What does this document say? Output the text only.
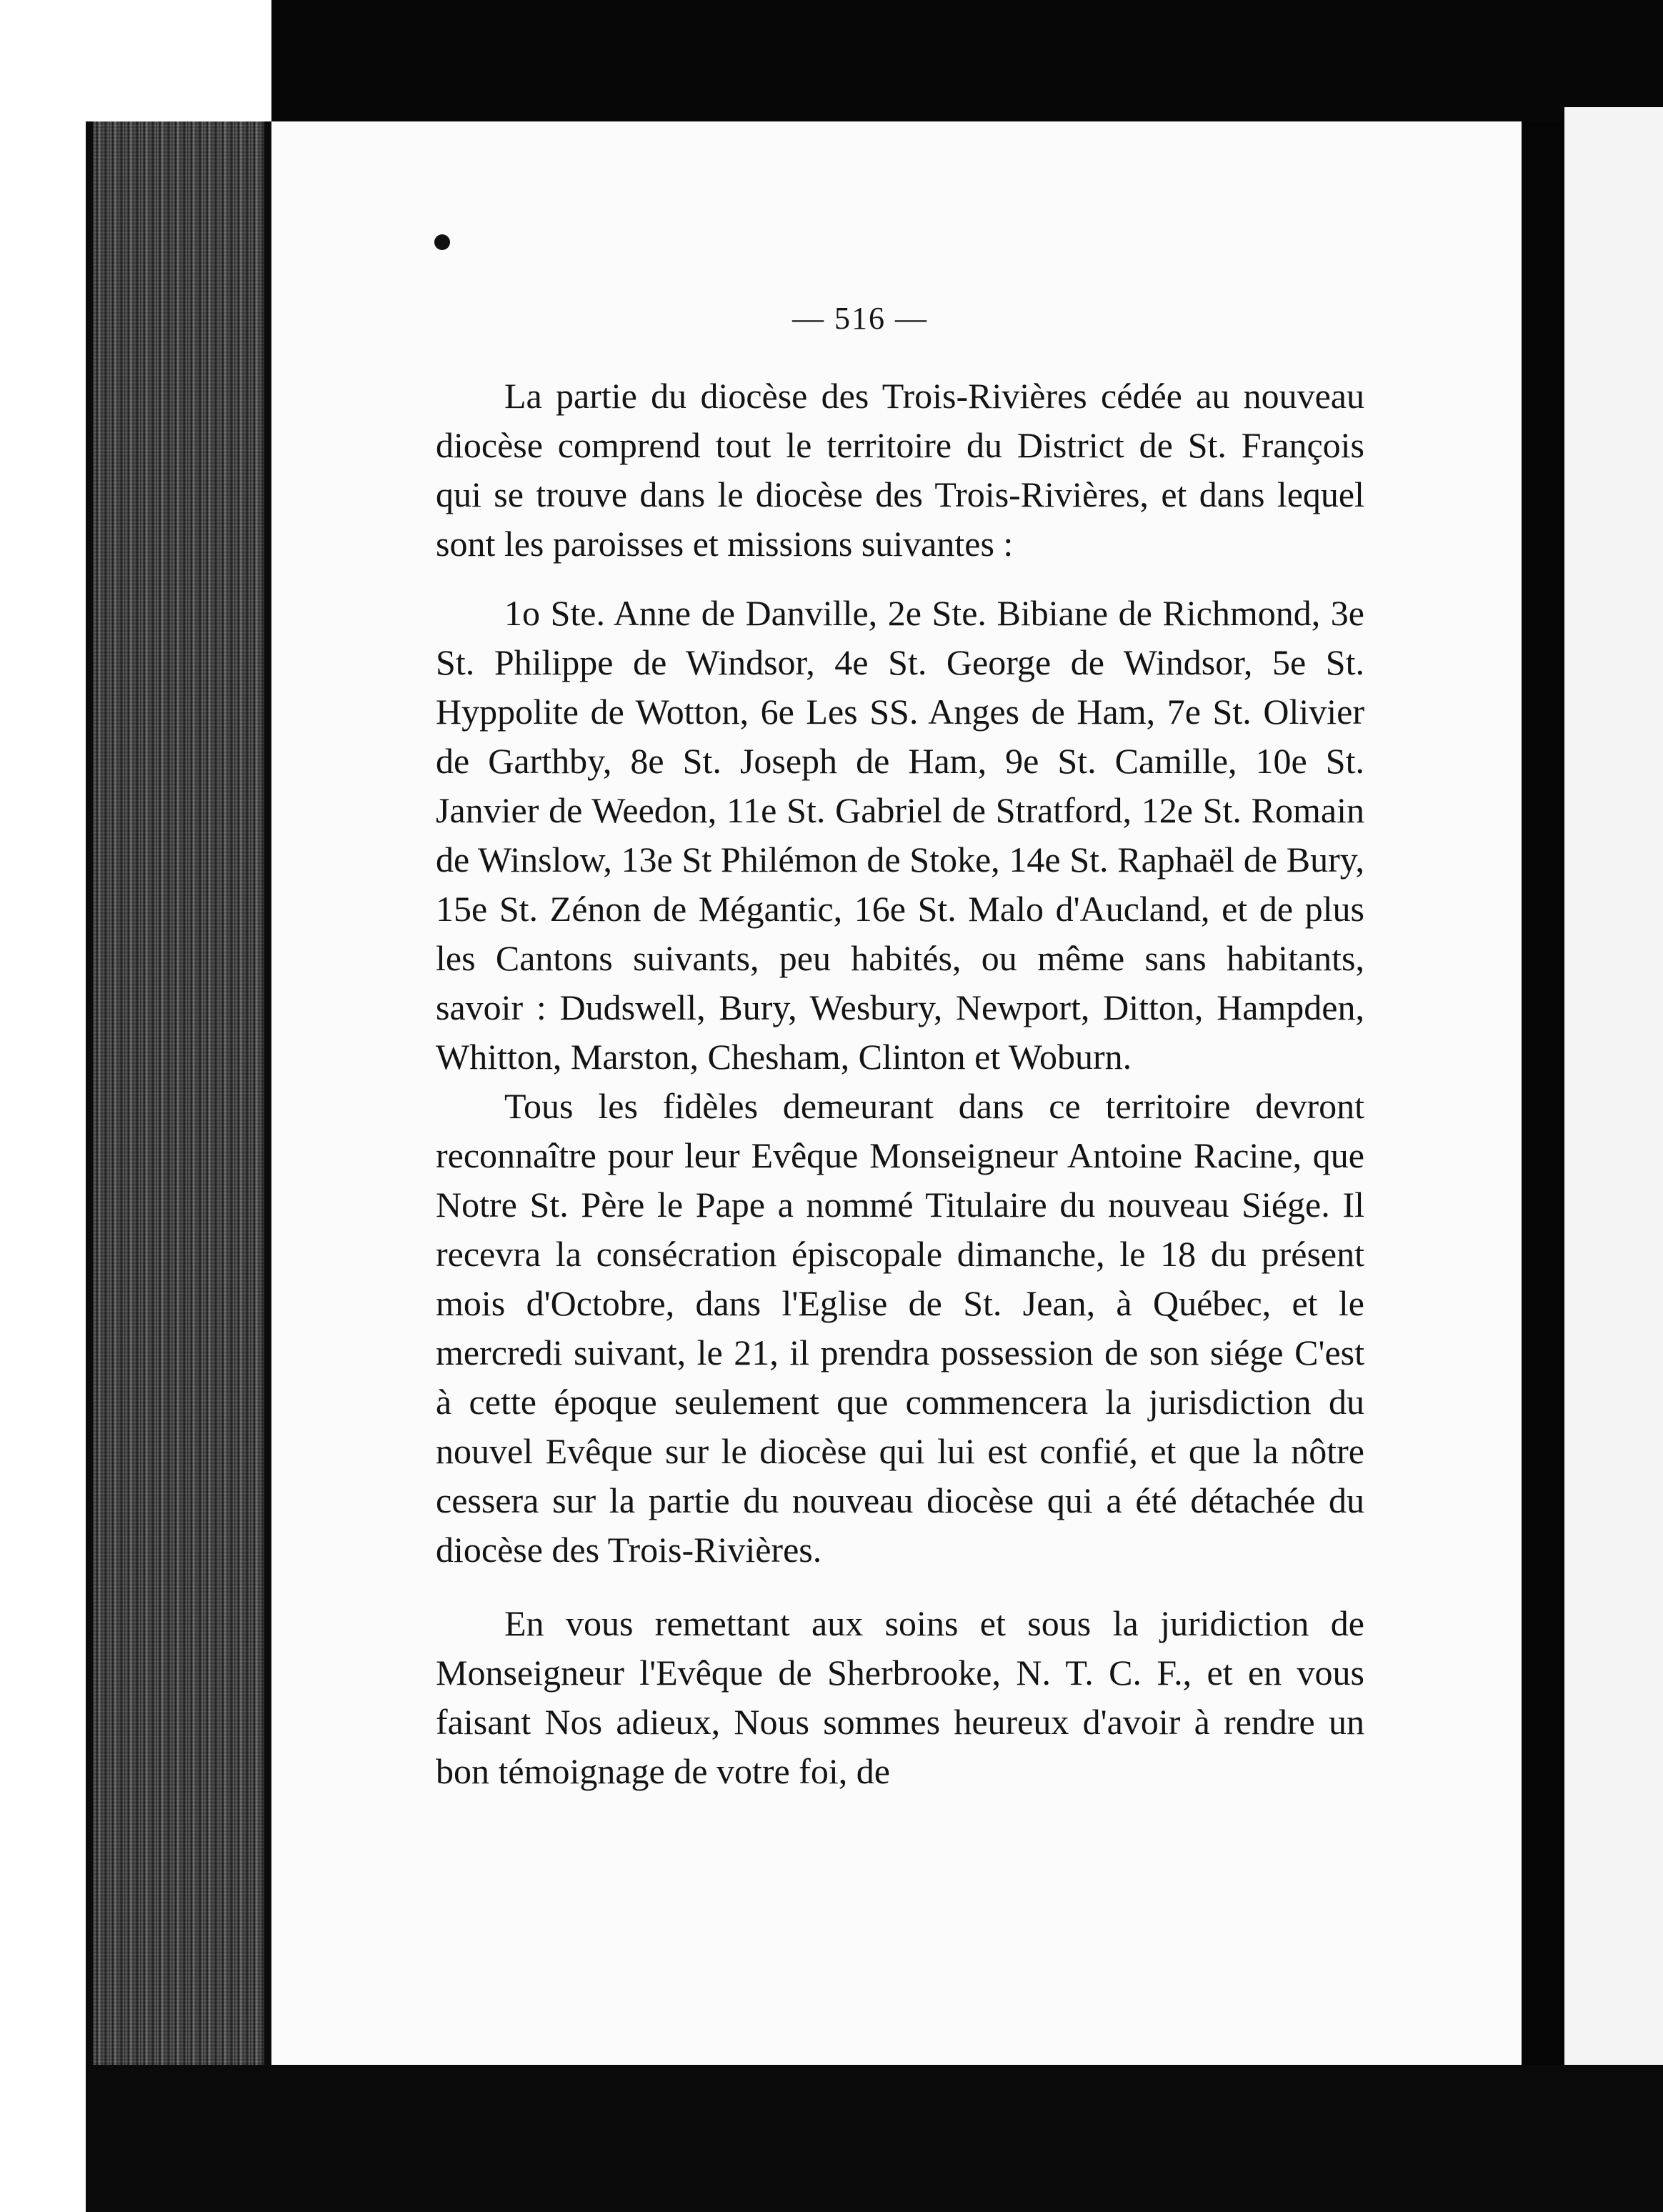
— 516 —

La partie du diocèse des Trois-Rivières cédée au nouveau diocèse comprend tout le territoire du District de St. François qui se trouve dans le diocèse des Trois-Rivières, et dans lequel sont les paroisses et missions suivantes :

1o Ste. Anne de Danville, 2e Ste. Bibiane de Richmond, 3e St. Philippe de Windsor, 4e St. George de Windsor, 5e St. Hyppolite de Wotton, 6e Les SS. Anges de Ham, 7e St. Olivier de Garthby, 8e St. Joseph de Ham, 9e St. Camille, 10e St. Janvier de Weedon, 11e St. Gabriel de Stratford, 12e St. Romain de Winslow, 13e St Philémon de Stoke, 14e St. Raphaël de Bury, 15e St. Zénon de Mégantic, 16e St. Malo d'Aucland, et de plus les Cantons suivants, peu habités, ou même sans habitants, savoir : Dudswell, Bury, Wesbury, Newport, Ditton, Hampden, Whitton, Marston, Chesham, Clinton et Woburn.

Tous les fidèles demeurant dans ce territoire devront reconnaître pour leur Evêque Monseigneur Antoine Racine, que Notre St. Père le Pape a nommé Titulaire du nouveau Siége. Il recevra la consécration épiscopale dimanche, le 18 du présent mois d'Octobre, dans l'Eglise de St. Jean, à Québec, et le mercredi suivant, le 21, il prendra possession de son siége C'est à cette époque seulement que commencera la jurisdiction du nouvel Evêque sur le diocèse qui lui est confié, et que la nôtre cessera sur la partie du nouveau diocèse qui a été détachée du diocèse des Trois-Rivières.

En vous remettant aux soins et sous la juridiction de Monseigneur l'Evêque de Sherbrooke, N. T. C. F., et en vous faisant Nos adieux, Nous sommes heureux d'avoir à rendre un bon témoignage de votre foi, de
